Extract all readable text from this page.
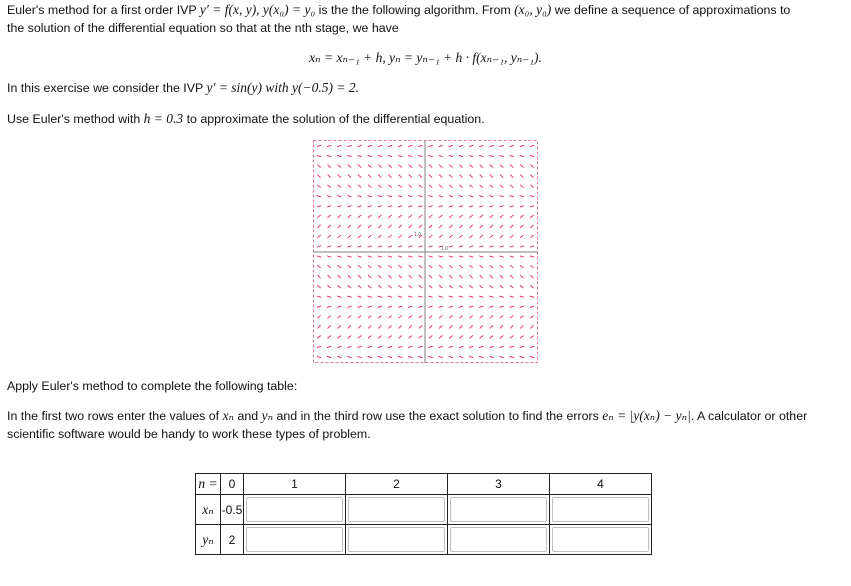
Euler's method for a first order IVP y′ = f(x, y), y(x₀) = y₀ is the the following algorithm. From (x₀, y₀) we define a sequence of approximations to

the solution of the differential equation so that at the nth stage, we have

xₙ = xₙ₋₁ + h, yₙ = yₙ₋₁ + h · f(xₙ₋₁, yₙ₋₁).

In this exercise we consider the IVP y′ = sin(y) with y(−0.5) = 2.

Use Euler's method with h = 0.3 to approximate the solution of the differential equation.

1.0
1.0

Apply Euler's method to complete the following table:

In the first two rows enter the values of xₙ and yₙ and in the third row use the exact solution to find the errors eₙ = |y(xₙ) − yₙ|. A calculator or other

scientific software would be handy to work these types of problem.

n =	0	1	2	3	4
xₙ	-0.5	

yₙ	2	
